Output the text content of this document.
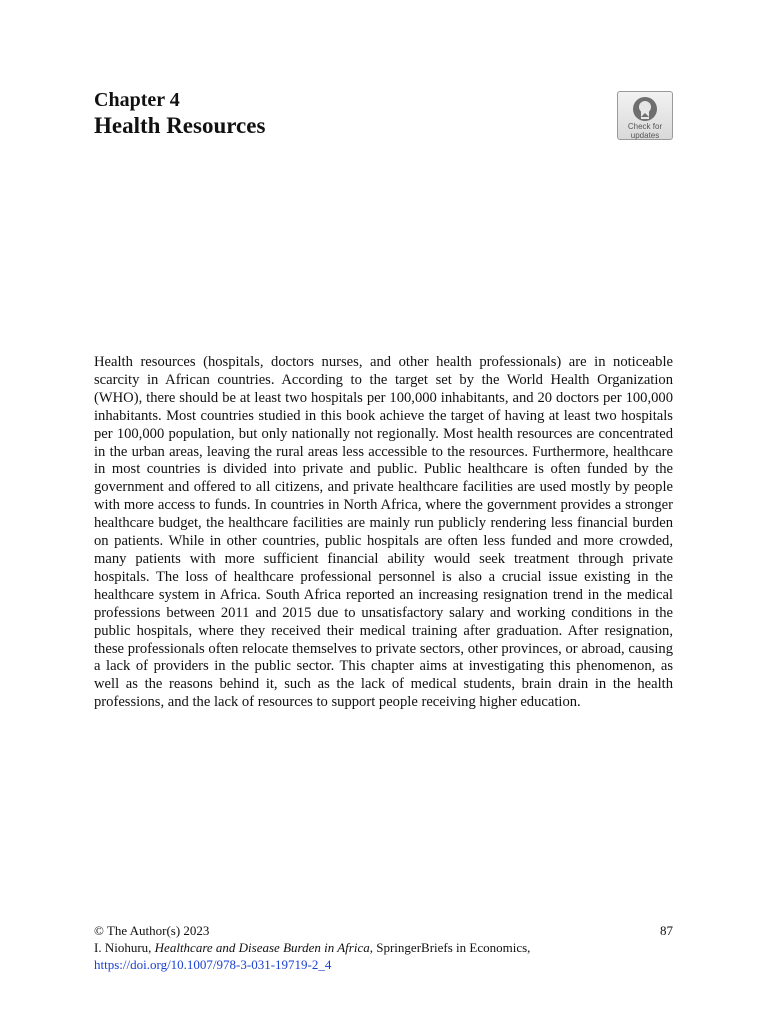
Chapter 4
Health Resources	Check for
updates
Health resources (hospitals, doctors nurses, and other health professionals) are in noticeable scarcity in African countries. According to the target set by the World Health Organization (WHO), there should be at least two hospitals per 100,000 inhabitants, and 20 doctors per 100,000 inhabitants. Most countries studied in this book achieve the target of having at least two hospitals per 100,000 population, but only nationally not regionally. Most health resources are concentrated in the urban areas, leaving the rural areas less accessible to the resources. Furthermore, healthcare in most countries is divided into private and public. Public healthcare is often funded by the government and offered to all citizens, and private healthcare facilities are used mostly by people with more access to funds. In countries in North Africa, where the government provides a stronger healthcare budget, the healthcare facilities are mainly run publicly rendering less financial burden on patients. While in other countries, public hospitals are often less funded and more crowded, many patients with more sufficient financial ability would seek treatment through private hospitals. The loss of healthcare professional personnel is also a crucial issue existing in the healthcare system in Africa. South Africa reported an increasing resignation trend in the medical professions between 2011 and 2015 due to unsatisfactory salary and working conditions in the public hospitals, where they received their medical training after graduation. After resignation, these professionals often relocate themselves to private sectors, other provinces, or abroad, causing a lack of providers in the public sector. This chapter aims at investigating this phenomenon, as well as the reasons behind it, such as the lack of medical students, brain drain in the health professions, and the lack of resources to support people receiving higher education.
© The Author(s) 2023	87
I. Niohuru, Healthcare and Disease Burden in Africa, SpringerBriefs in Economics,
https://doi.org/10.1007/978-3-031-19719-2_4
